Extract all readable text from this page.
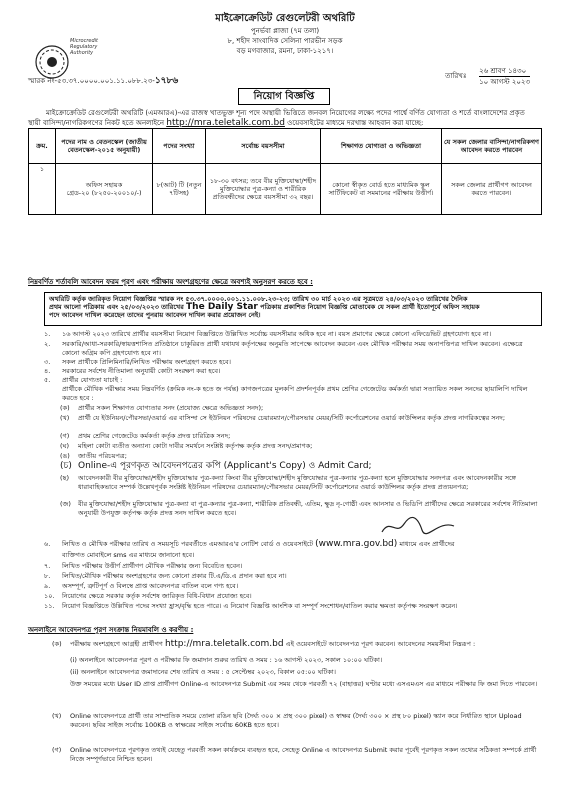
Microcredit
Regulatory
Authority
মাইক্রোক্রেডিট রেগুলেটরী অথরিটি
পুনর্ভবা প্লাজা (৭ম তলা)
৮, শহীদ সাংবাদিক সেলিনা পারভীন সড়ক
বড় মগবাজার, রমনা, ঢাকা-১২১৭।
স্মারক নং-৫৩.৩৭.০০০০.০০১.১১.০৮৮.২৩-১৭৮৬	তারিখঃ
২৬ শ্রাবণ ১৪৩০
১০ আগস্ট ২০২৩
নিয়োগ বিজ্ঞপ্তি
মাইক্রোক্রেডিট রেগুলেটরী অথরিটি (এমআরএ)-এর রাজস্ব খাতভুক্ত শূন্য পদে অস্থায়ী ভিত্তিতে জনবল নিয়োগের লক্ষ্যে পদের পার্শ্বে বর্ণিত যোগ্যতা ও শর্তে বাংলাদেশের প্রকৃত স্থায়ী বাসিন্দা/নাগরিকগণের নিকট হতে অনলাইনে http://mra.teletalk.com.bd ওয়েবসাইটের মাধ্যমে দরখাস্ত আহবান করা যাচ্ছে:
ক্রম.	পদের নাম ও বেতনস্কেল (জাতীয় বেতনস্কেল-২০১৫ অনুযায়ী)	পদের সংখ্যা	সর্বোচ্চ বয়সসীমা	শিক্ষাগত যোগ্যতা ও অভিজ্ঞতা	যে সকল জেলার বাসিন্দা/নাগরিকগণ আবেদন করতে পারবেন
১	অফিস সহায়ক
গ্রেড-২০ (৮২৫০-২০০১০/-)	৮(আট) টি (নতুন ৭টিসহ)	১৮-৩০ বৎসর; তবে বীর মুক্তিযোদ্ধা/শহীদ মুক্তিযোদ্ধার পুত্র-কন্যা ও শারীরিক প্রতিবন্ধীদের ক্ষেত্রে বয়সসীমা ৩২ বছর।	কোনো স্বীকৃত বোর্ড হতে মাধ্যমিক স্কুল সার্টিফিকেট বা সমমানের পরীক্ষায় উত্তীর্ণ।	সকল জেলার প্রার্থীগণ আবেদন করতে পারবেন।
নিম্নবর্ণিত শর্তাবলি আবেদন ফরম পূরণ এবং পরীক্ষায় অংশগ্রহণের ক্ষেত্রে অবশ্যই অনুসরণ করতে হবে :
অথরিটি কর্তৃক জারিকৃত নিয়োগ বিজ্ঞপ্তির স্মারক নং ৫৩.৩৭.০০০০.০০১.১১.০০৮.২৩-২৩; তারিখ ৩০ মার্চ ২০২৩ এর সূত্রমতে ২৪/০৩/২০২৩ তারিখের দৈনিক
প্রথম আলো পত্রিকায় এবং ২৫/০৩/২০২৩ তারিখের The Daily Star পত্রিকায় প্রকাশিত নিয়োগ বিজ্ঞপ্তি মোতাবেক যে সকল প্রার্থী ইতোপূর্বে অফিস সহায়ক
পদে আবেদন দাখিল করেছেন তাদের পুনরায় আবেদন দাখিল করার প্রয়োজন নেই।
১. ১৬ আগস্ট ২০২৩ তারিখে প্রার্থীর বয়সসীমা নিয়োগ বিজ্ঞপ্তিতে উল্লিখিত সর্বোচ্চ বয়সসীমার অধিক হবে না। বয়স প্রমাণের ক্ষেত্রে কোনো এফিডেভিট গ্রহণযোগ্য হবে না।
২. সরকারি/আধা-সরকারি/স্বায়ত্তশাসিত প্রতিষ্ঠানে চাকুরিরত প্রার্থী যথাযথ কর্তৃপক্ষের অনুমতি সাপেক্ষে আবেদন করবেন এবং মৌখিক পরীক্ষার সময় অনাপত্তিপত্র দাখিল করবেন। এক্ষেত্রে কোনো অগ্রিম কপি গ্রহণযোগ্য হবে না।
৩. সকল প্রার্থীকে প্রিলিমিনারি/লিখিত পরীক্ষায় অংশগ্রহণ করতে হবে।
৪. সরকারের সর্বশেষ নীতিমালা অনুযায়ী কোটা সংরক্ষণ করা হবে।
৫. প্রার্থীর যোগ্যতা যাচাই :
প্রার্থীকে মৌখিক পরীক্ষার সময় নিম্নবর্ণিত (ক্রমিক নং-ক হতে জ পর্যন্ত) কাগজপত্রের মূলকপি প্রদর্শনপূর্বক প্রথম শ্রেণির গেজেটেড কর্মকর্তা দ্বারা সত্যায়িত সকল সনদের ছায়ালিপি দাখিল করতে হবে :
(ক) প্রার্থীর সকল শিক্ষাগত যোগ্যতার সনদ (প্রযোজ্য ক্ষেত্রে অভিজ্ঞতা সনদ);
(খ) প্রার্থী যে ইউনিয়ন/পৌরসভা/ওয়ার্ড এর বাসিন্দা সে ইউনিয়ন পরিষদের চেয়ারম্যান/পৌরসভার মেয়র/সিটি কর্পোরেশনের ওয়ার্ড কাউন্সিলর কর্তৃক প্রদত্ত নাগরিকত্বের সনদ;
(গ) প্রথম শ্রেণির গেজেটেড কর্মকর্তা কর্তৃক প্রদত্ত চারিত্রিক সনদ;
(ঘ) মহিলা কোটা ব্যতীত অন্যান্য কোটা দাবীর সমর্থনে সংশ্লিষ্ট কর্তৃপক্ষ কর্তৃক প্রদত্ত সনদ/প্রমাণক;
(ঙ) জাতীয় পরিচয়পত্র;
(চ) Online-এ পূরণকৃত আবেদনপত্রের কপি (Applicant's Copy) ও Admit Card;
(ছ) আবেদনকারী বীর মুক্তিযোদ্ধা/শহীদ মুক্তিযোদ্ধার পুত্র-কন্যা কিংবা বীর মুক্তিযোদ্ধা/শহীদ মুক্তিযোদ্ধার পুত্র-কন্যার পুত্র-কন্যা হলে মুক্তিযোদ্ধার সনদপত্র এবং আবেদনকারীর সঙ্গে ধারাবাহিকভাবে সম্পর্ক উল্লেখপূর্বক সংশ্লিষ্ট ইউনিয়ন পরিষদের চেয়ারম্যান/পৌরসভার মেয়র/সিটি কর্পোরেশনের ওয়ার্ড কাউন্সিলর কর্তৃক প্রদত্ত প্রত্যয়নপত্র;
(জ) বীর মুক্তিযোদ্ধা/শহীদ মুক্তিযোদ্ধার পুত্র-কন্যা বা পুত্র-কন্যার পুত্র-কন্যা, শারীরিক প্রতিবন্ধী, এতিম, ক্ষুদ্র নৃ-গোষ্ঠী এবং আনসার ও ভিডিপি প্রার্থীদের ক্ষেত্রে সরকারের সর্বশেষ নীতিমালা অনুযায়ী উপযুক্ত কর্তৃপক্ষ কর্তৃক প্রদত্ত সনদ দাখিল করতে হবে।
৬. লিখিত ও মৌখিক পরীক্ষার তারিখ ও সময়সূচি পরবর্তীতে এমআরএ'র নোটিশ বোর্ড ও ওয়েবসাইটে (www.mra.gov.bd) মাধ্যমে এবং প্রার্থীদের
ব্যক্তিগত মোবাইলে sms এর মাধ্যমে জানানো হবে।
৭. লিখিত পরীক্ষায় উত্তীর্ণ প্রার্থীগণ মৌখিক পরীক্ষার জন্য বিবেচিত হবেন।
৮. লিখিত/মৌখিক পরীক্ষায় অংশগ্রহণের জন্য কোনো প্রকার টি.এ/ডি.এ প্রদান করা হবে না।
৯. অসম্পূর্ণ, ত্রুটিপূর্ণ ও বিলম্বে প্রাপ্ত আবেদনপত্র বাতিল বলে গণ্য হবে।
১০. নিয়োগের ক্ষেত্রে সরকার কর্তৃক সর্বশেষ জারিকৃত বিধি-বিধান প্রযোজ্য হবে।
১১. নিয়োগ বিজ্ঞপ্তিতে উল্লিখিত পদের সংখ্যা হ্রাস/বৃদ্ধি হতে পারে। এ নিয়োগ বিজ্ঞপ্তি আংশিক বা সম্পূর্ণ সংশোধন/বাতিল করার ক্ষমতা কর্তৃপক্ষ সংরক্ষণ করেন।
অনলাইনে আবেদনপত্র পূরণ সংক্রান্ত নিয়মাবলি ও করণীয় :
(ক) পরীক্ষায় অংশগ্রহণে আগ্রহী প্রার্থীগণ http://mra.teletalk.com.bd এই ওয়েবসাইটে আবেদনপত্র পূরণ করবেন। আবেদনের সময়সীমা নিম্নরূপ :
(i) অনলাইনে আবেদনপত্র পূরণ ও পরীক্ষার ফি জমাদান শুরুর তারিখ ও সময় : ১৬ আগস্ট ২০২৩, সকাল ১০:০০ ঘটিকা।
(ii) অনলাইনে আবেদনপত্র জমাদানের শেষ তারিখ ও সময় : ৫ সেপ্টেম্বর ২০২৩, বিকাল ০৫:০০ ঘটিকা।
উক্ত সময়ের মধ্যে User ID প্রাপ্ত প্রার্থীগণ Online-এ আবেদনপত্র Submit এর সময় থেকে পরবর্তী ৭২ (বাহাত্তর) ঘণ্টার মধ্যে এসএমএস এর মাধ্যমে পরীক্ষার ফি জমা দিতে পারবেন।
(খ) Online আবেদনপত্রে প্রার্থী তার সাম্প্রতিক সময়ে তোলা রঙিন ছবি (দৈর্ঘ্য ৩০০ × প্রস্থ ৩০০ pixel) ও স্বাক্ষর (দৈর্ঘ্য ৩০০ × প্রস্থ ৮০ pixel) স্ক্যান করে নির্ধারিত স্থানে Upload করবেন। ছবির সাইজ সর্বোচ্চ 100KB ও স্বাক্ষরের সাইজ সর্বোচ্চ 60KB হতে হবে।
(গ) Online আবেদনপত্রে পূরণকৃত তথ্যই যেহেতু পরবর্তী সকল কার্যক্রমে ব্যবহৃত হবে, সেহেতু Online এ আবেদনপত্র Submit করার পূর্বেই পূরণকৃত সকল তথ্যের সঠিকতা সম্পর্কে প্রার্থী নিজে সম্পূর্ণভাবে নিশ্চিত হবেন।
